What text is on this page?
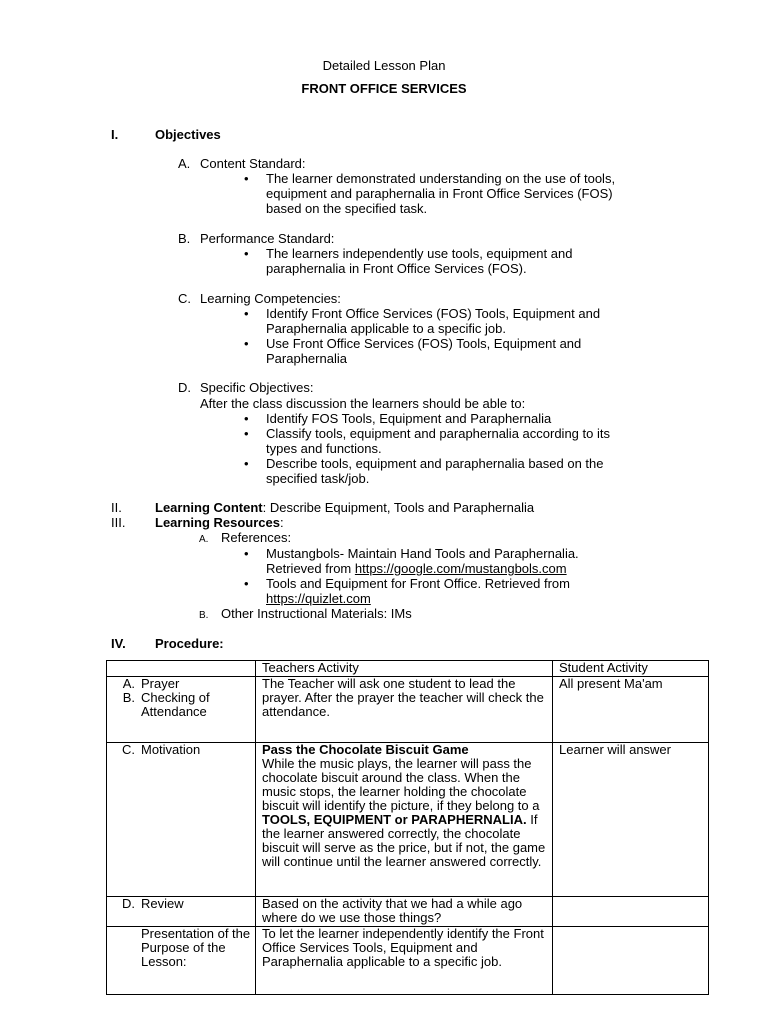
Detailed Lesson Plan
FRONT OFFICE SERVICES
I.	Objectives
A. Content Standard:
• The learner demonstrated understanding on the use of tools,
equipment and paraphernalia in Front Office Services (FOS)
based on the specified task.
B. Performance Standard:
• The learners independently use tools, equipment and
paraphernalia in Front Office Services (FOS).
C. Learning Competencies:
• Identify Front Office Services (FOS) Tools, Equipment and
Paraphernalia applicable to a specific job.
• Use Front Office Services (FOS) Tools, Equipment and
Paraphernalia
D. Specific Objectives:
After the class discussion the learners should be able to:
• Identify FOS Tools, Equipment and Paraphernalia
• Classify tools, equipment and paraphernalia according to its
types and functions.
• Describe tools, equipment and paraphernalia based on the
specified task/job.
II.	Learning Content: Describe Equipment, Tools and Paraphernalia
III. Learning Resources:
A. References:
• Mustangbols- Maintain Hand Tools and Paraphernalia.
Retrieved from https://google.com/mustangbols.com
• Tools and Equipment for Front Office. Retrieved from
https://quizlet.com
B. Other Instructional Materials: IMs
IV. Procedure:
	Teachers Activity	Student Activity

A. Prayer
B. Checking of Attendance	The Teacher will ask one student to lead the prayer. After the prayer the teacher will check the attendance.	All present Ma'am

C. Motivation	Pass the Chocolate Biscuit Game
While the music plays, the learner will pass the chocolate biscuit around the class. When the music stops, the learner holding the chocolate biscuit will identify the picture, if they belong to a TOOLS, EQUIPMENT or PARAPHERNALIA. If the learner answered correctly, the chocolate biscuit will serve as the price, but if not, the game will continue until the learner answered correctly.	Learner will answer

D. Review	Based on the activity that we had a while ago where do we use those things?	

Presentation of the Purpose of the Lesson:	To let the learner independently identify the Front Office Services Tools, Equipment and Paraphernalia applicable to a specific job.	
